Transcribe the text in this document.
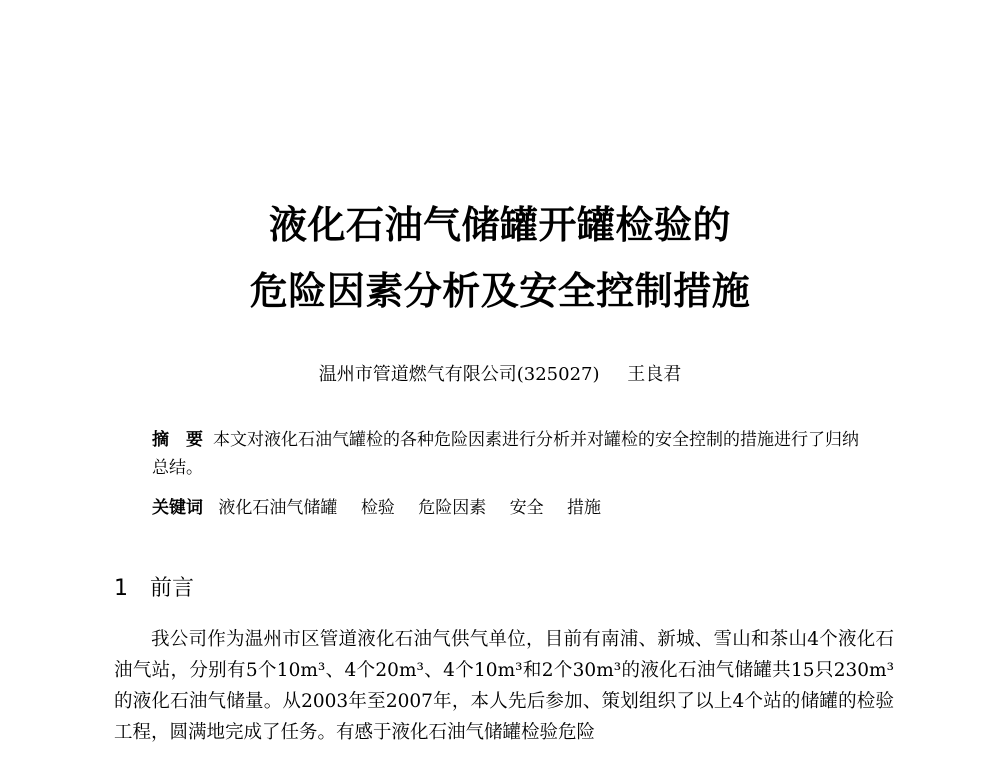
液化石油气储罐开罐检验的
危险因素分析及安全控制措施
温州市管道燃气有限公司(325027) 王良君
摘　要 本文对液化石油气罐检的各种危险因素进行分析并对罐检的安全控制的措施进行了归纳总结。
关键词 液化石油气储罐 检验 危险因素 安全 措施
1 前言
我公司作为温州市区管道液化石油气供气单位，目前有南浦、新城、雪山和茶山4个液化石油气站，分别有5个10m³、4个20m³、4个10m³和2个30m³的液化石油气储罐共15只230m³的液化石油气储量。从2003年至2007年，本人先后参加、策划组织了以上4个站的储罐的检验工程，圆满地完成了任务。有感于液化石油气储罐检验危险
